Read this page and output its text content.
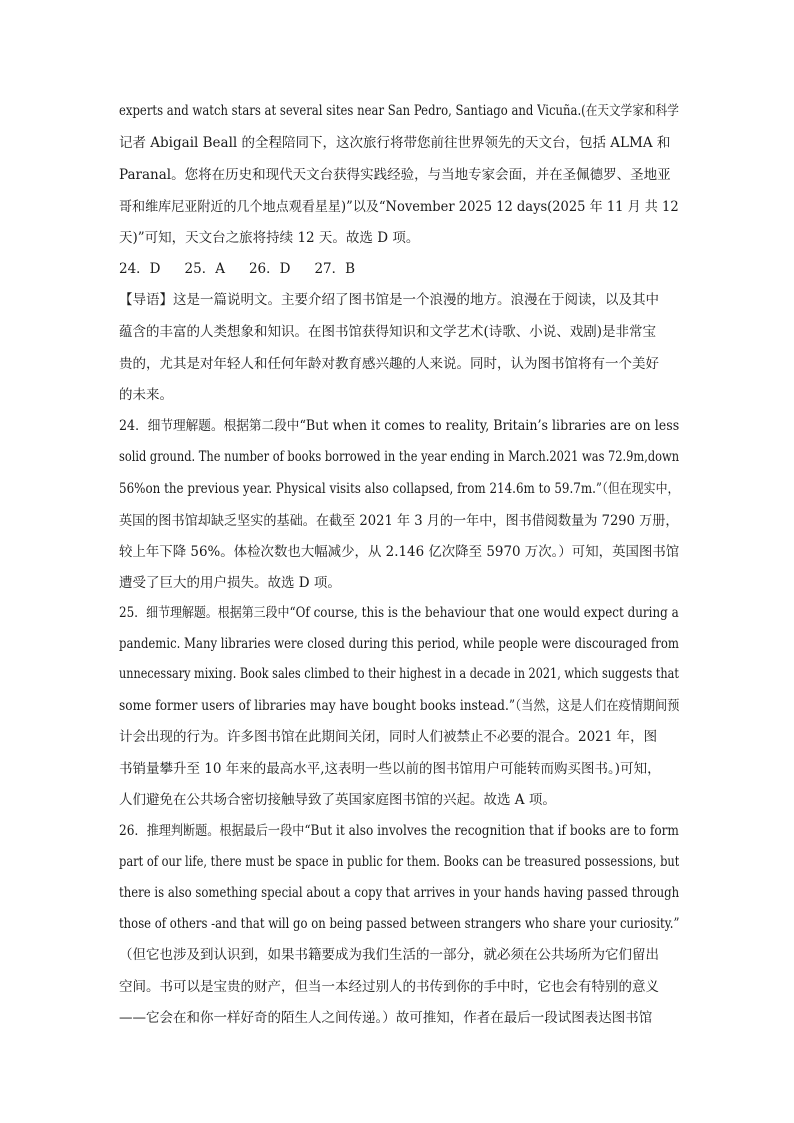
experts and watch stars at several sites near San Pedro, Santiago and Vicuña.(在天文学家和科学
记者 Abigail Beall 的全程陪同下，这次旅行将带您前往世界领先的天文台，包括 ALMA 和
Paranal。您将在历史和现代天文台获得实践经验，与当地专家会面，并在圣佩德罗、圣地亚
哥和维库尼亚附近的几个地点观看星星)”以及“November 2025 12 days(2025 年 11 月 共 12
天)”可知，天文台之旅将持续 12 天。故选 D 项。
24．D 25．A 26．D 27．B
【导语】这是一篇说明文。主要介绍了图书馆是一个浪漫的地方。浪漫在于阅读，以及其中
蕴含的丰富的人类想象和知识。在图书馆获得知识和文学艺术(诗歌、小说、戏剧)是非常宝
贵的，尤其是对年轻人和任何年龄对教育感兴趣的人来说。同时，认为图书馆将有一个美好
的未来。
24．细节理解题。根据第二段中“But when it comes to reality, Britain’s libraries are on less
solid ground. The number of books borrowed in the year ending in March.2021 was 72.9m,down
56%on the previous year. Physical visits also collapsed, from 214.6m to 59.7m.”（但在现实中，
英国的图书馆却缺乏坚实的基础。在截至 2021 年 3 月的一年中，图书借阅数量为 7290 万册，
较上年下降 56%。体检次数也大幅减少，从 2.146 亿次降至 5970 万次。）可知，英国图书馆
遭受了巨大的用户损失。故选 D 项。
25．细节理解题。根据第三段中“Of course, this is the behaviour that one would expect during a
pandemic. Many libraries were closed during this period, while people were discouraged from
unnecessary mixing. Book sales climbed to their highest in a decade in 2021, which suggests that
some former users of libraries may have bought books instead.”（当然，这是人们在疫情期间预
计会出现的行为。许多图书馆在此期间关闭，同时人们被禁止不必要的混合。2021 年，图
书销量攀升至 10 年来的最高水平,这表明一些以前的图书馆用户可能转而购买图书。)可知，
人们避免在公共场合密切接触导致了英国家庭图书馆的兴起。故选 A 项。
26．推理判断题。根据最后一段中“But it also involves the recognition that if books are to form
part of our life, there must be space in public for them. Books can be treasured possessions, but
there is also something special about a copy that arrives in your hands having passed through
those of others -and that will go on being passed between strangers who share your curiosity.”
（但它也涉及到认识到，如果书籍要成为我们生活的一部分，就必须在公共场所为它们留出
空间。书可以是宝贵的财产，但当一本经过别人的书传到你的手中时，它也会有特别的意义
——它会在和你一样好奇的陌生人之间传递。）故可推知，作者在最后一段试图表达图书馆
